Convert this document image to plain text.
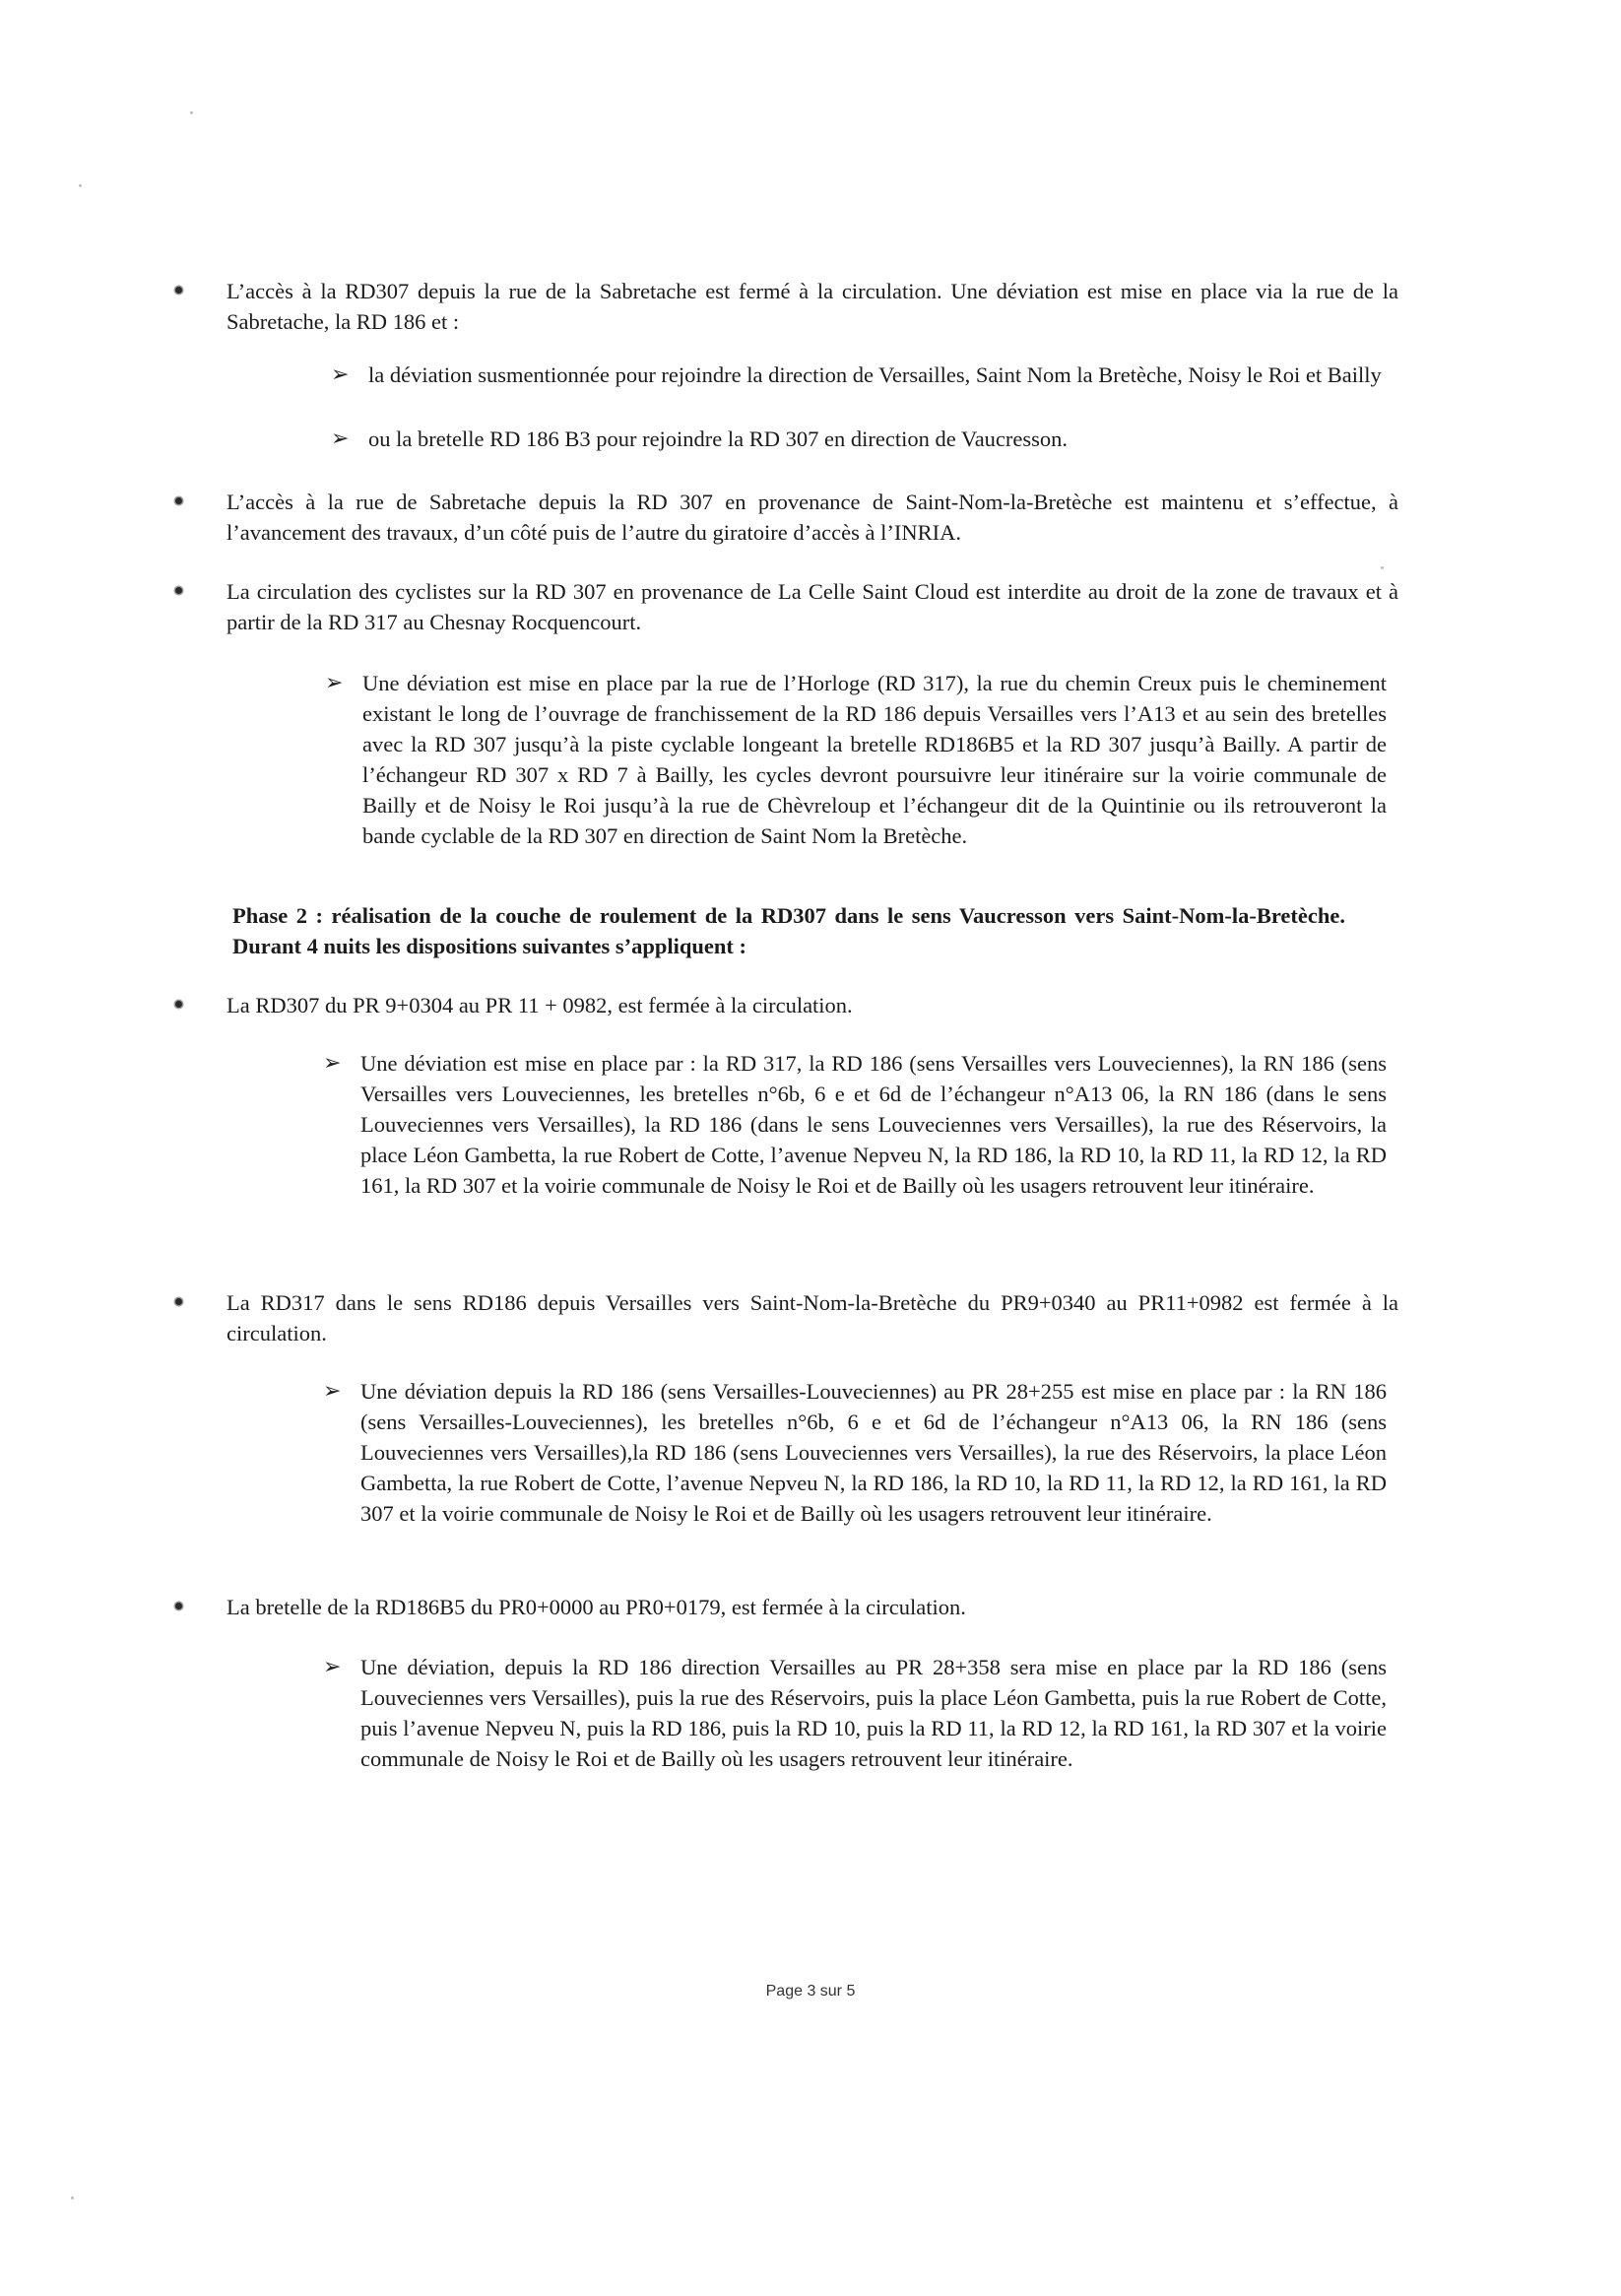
L’accès à la RD307 depuis la rue de la Sabretache est fermé à la circulation. Une déviation est mise en place via la rue de la Sabretache, la RD 186 et :
➢ la déviation susmentionnée pour rejoindre la direction de Versailles, Saint Nom la Bretèche, Noisy le Roi et Bailly
➢ ou la bretelle RD 186 B3 pour rejoindre la RD 307 en direction de Vaucresson.
L’accès à la rue de Sabretache depuis la RD 307 en provenance de Saint-Nom-la-Bretèche est maintenu et s’effectue, à l’avancement des travaux, d’un côté puis de l’autre du giratoire d’accès à l’INRIA.
La circulation des cyclistes sur la RD 307 en provenance de La Celle Saint Cloud est interdite au droit de la zone de travaux et à partir de la RD 317 au Chesnay Rocquencourt.
➢ Une déviation est mise en place par la rue de l’Horloge (RD 317), la rue du chemin Creux puis le cheminement existant le long de l’ouvrage de franchissement de la RD 186 depuis Versailles vers l’A13 et au sein des bretelles avec la RD 307 jusqu’à la piste cyclable longeant la bretelle RD186B5 et la RD 307 jusqu’à Bailly. A partir de l’échangeur RD 307 x RD 7 à Bailly, les cycles devront poursuivre leur itinéraire sur la voirie communale de Bailly et de Noisy le Roi jusqu’à la rue de Chèvreloup et l’échangeur dit de la Quintinie ou ils retrouveront la bande cyclable de la RD 307 en direction de Saint Nom la Bretèche.
Phase 2 : réalisation de la couche de roulement de la RD307 dans le sens Vaucresson vers Saint-Nom-la-Bretèche. Durant 4 nuits les dispositions suivantes s’appliquent :
La RD307 du PR 9+0304 au PR 11 + 0982, est fermée à la circulation.
➢ Une déviation est mise en place par : la RD 317, la RD 186 (sens Versailles vers Louveciennes), la RN 186 (sens Versailles vers Louveciennes, les bretelles n°6b, 6 e et 6d de l’échangeur n°A13 06, la RN 186 (dans le sens Louveciennes vers Versailles), la RD 186 (dans le sens Louveciennes vers Versailles), la rue des Réservoirs, la place Léon Gambetta, la rue Robert de Cotte, l’avenue Nepveu N, la RD 186, la RD 10, la RD 11, la RD 12, la RD 161, la RD 307 et la voirie communale de Noisy le Roi et de Bailly où les usagers retrouvent leur itinéraire.
La RD317 dans le sens RD186 depuis Versailles vers Saint-Nom-la-Bretèche du PR9+0340 au PR11+0982 est fermée à la circulation.
➢ Une déviation depuis la RD 186 (sens Versailles-Louveciennes) au PR 28+255 est mise en place par : la RN 186 (sens Versailles-Louveciennes), les bretelles n°6b, 6 e et 6d de l’échangeur n°A13 06, la RN 186 (sens Louveciennes vers Versailles),la RD 186 (sens Louveciennes vers Versailles), la rue des Réservoirs, la place Léon Gambetta, la rue Robert de Cotte, l’avenue Nepveu N, la RD 186, la RD 10, la RD 11, la RD 12, la RD 161, la RD 307 et la voirie communale de Noisy le Roi et de Bailly où les usagers retrouvent leur itinéraire.
La bretelle de la RD186B5 du PR0+0000 au PR0+0179, est fermée à la circulation.
➢ Une déviation, depuis la RD 186 direction Versailles au PR 28+358 sera mise en place par la RD 186 (sens Louveciennes vers Versailles), puis la rue des Réservoirs, puis la place Léon Gambetta, puis la rue Robert de Cotte, puis l’avenue Nepveu N, puis la RD 186, puis la RD 10, puis la RD 11, la RD 12, la RD 161, la RD 307 et la voirie communale de Noisy le Roi et de Bailly où les usagers retrouvent leur itinéraire.
Page 3 sur 5
